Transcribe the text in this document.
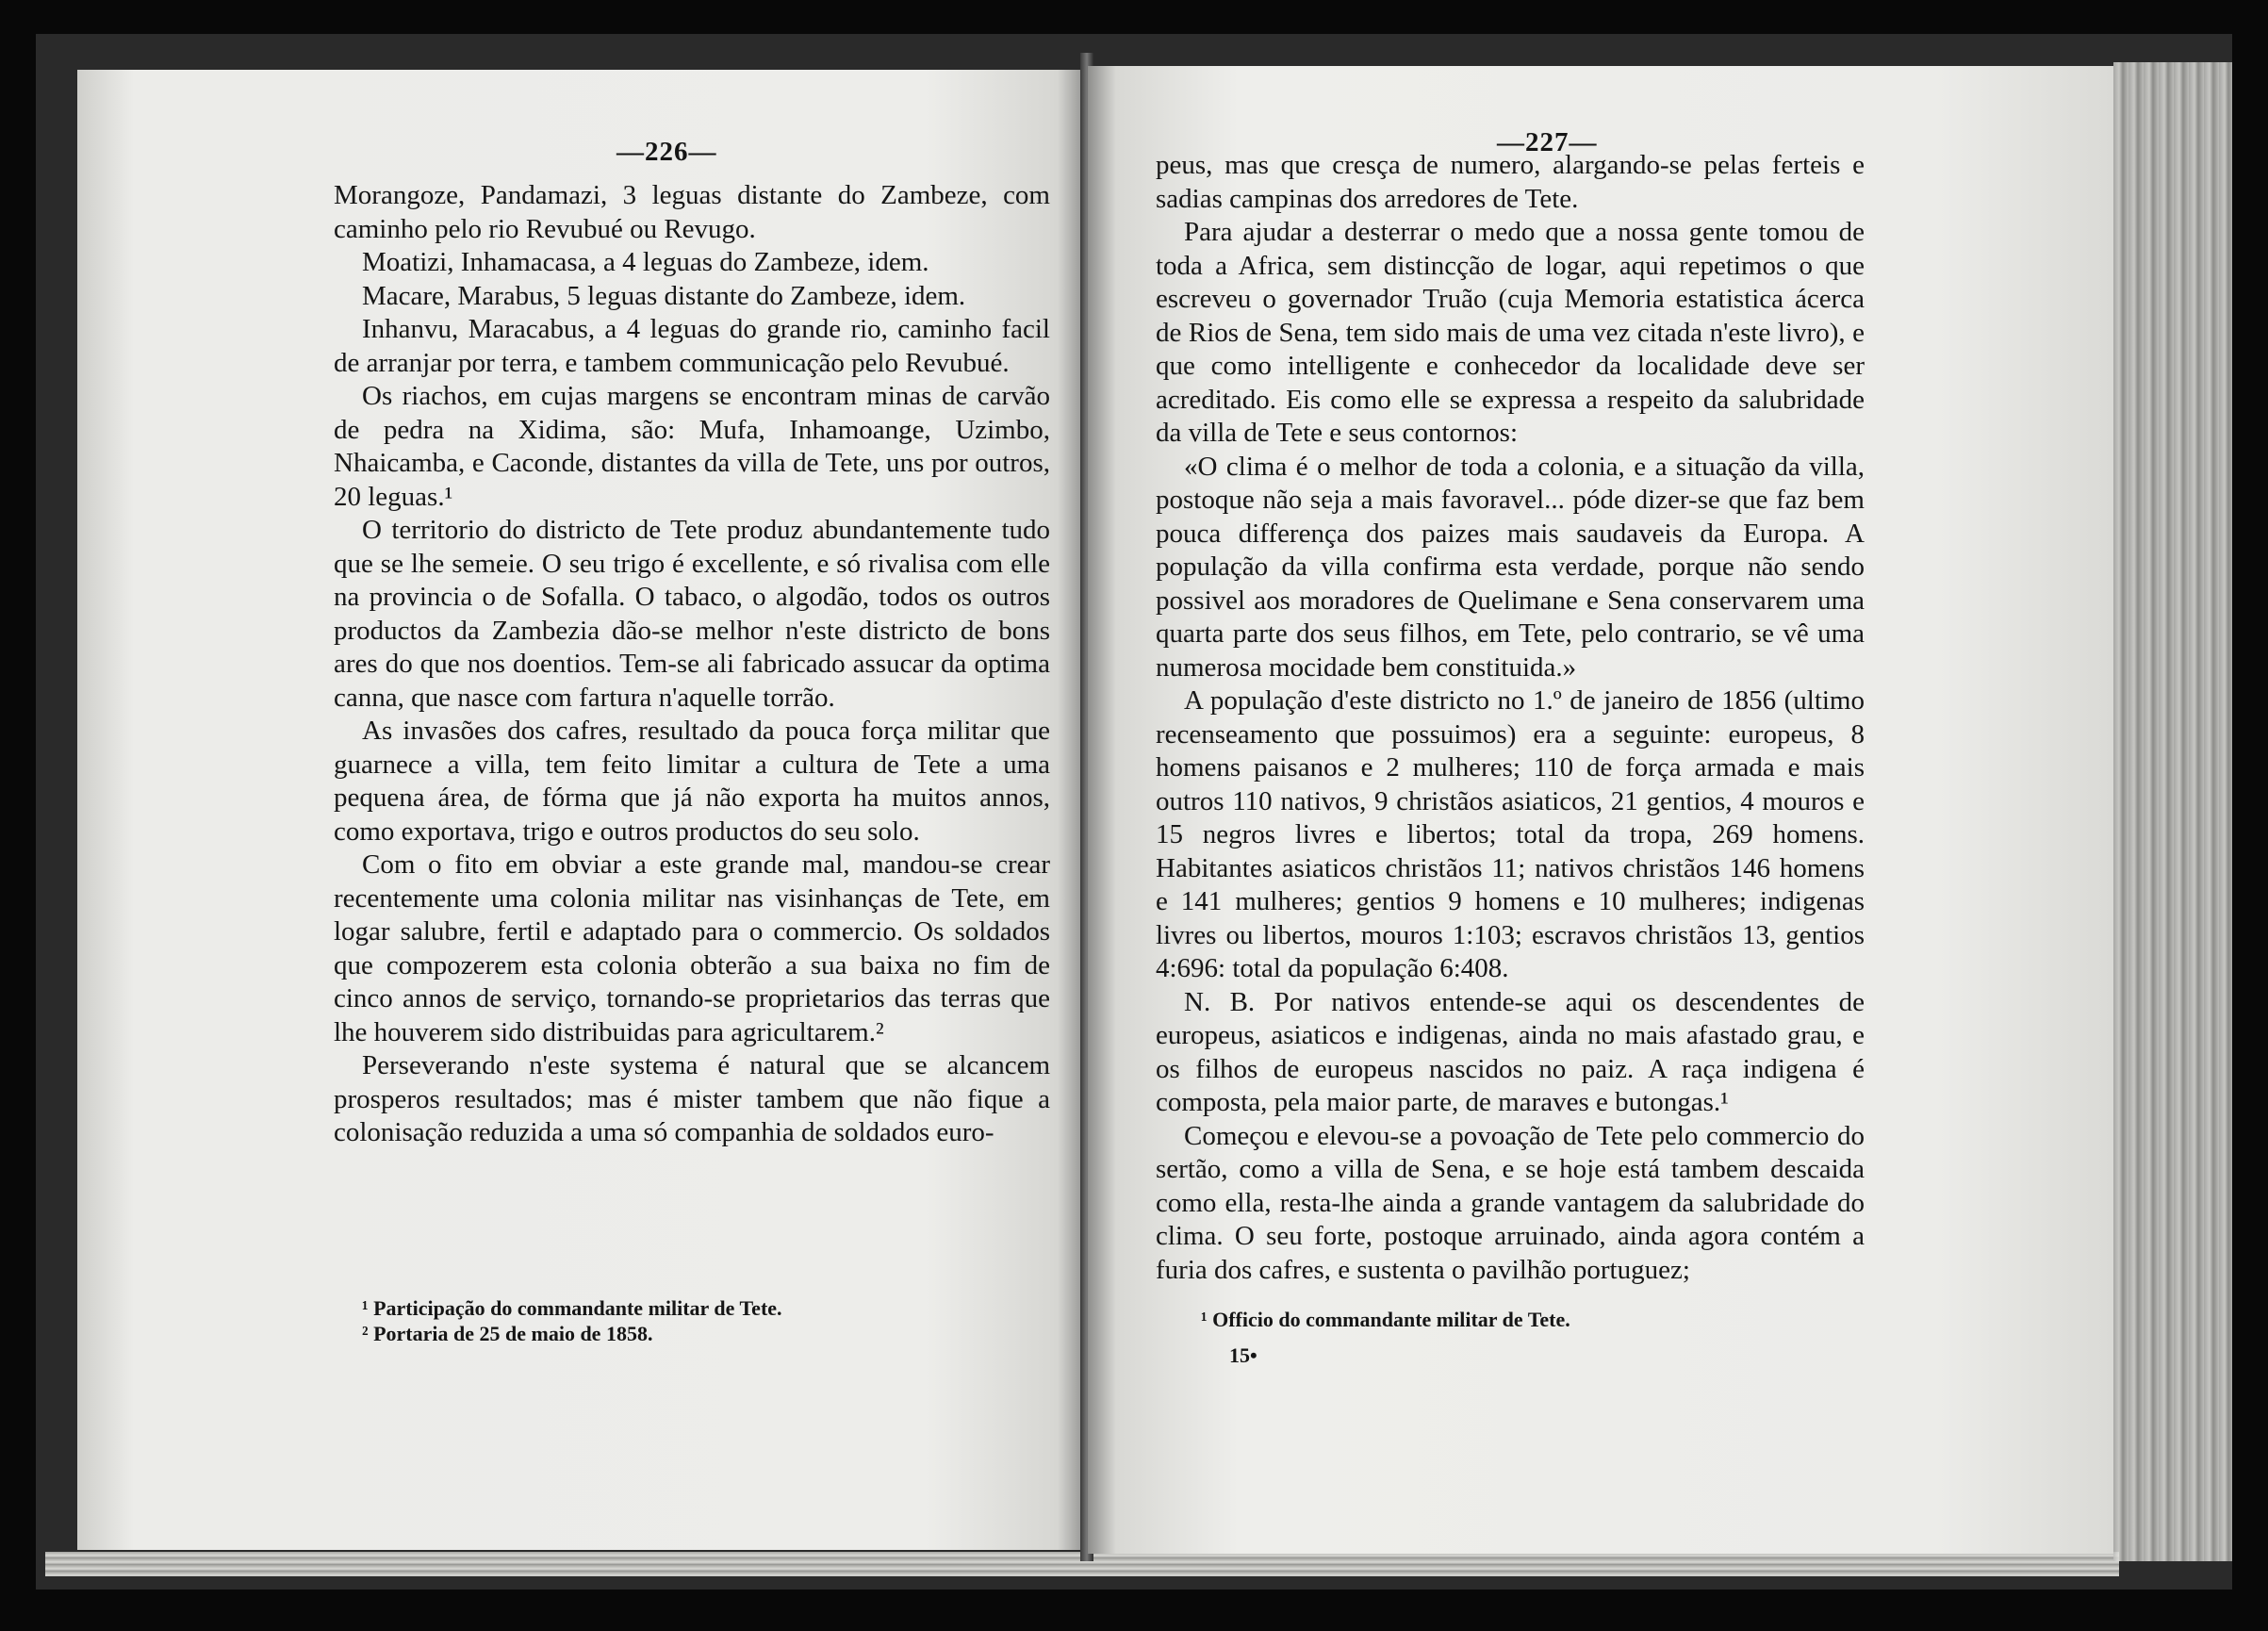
—226—

Morangoze, Pandamazi, 3 leguas distante do Zambeze, com caminho pelo rio Revubué ou Revugo.

Moatizi, Inhamacasa, a 4 leguas do Zambeze, idem.

Macare, Marabus, 5 leguas distante do Zambeze, idem.

Inhanvu, Maracabus, a 4 leguas do grande rio, caminho facil de arranjar por terra, e tambem communicação pelo Revubué.

Os riachos, em cujas margens se encontram minas de carvão de pedra na Xidima, são: Mufa, Inhamoange, Uzimbo, Nhaicamba, e Caconde, distantes da villa de Tete, uns por outros, 20 leguas.¹

O territorio do districto de Tete produz abundantemente tudo que se lhe semeie. O seu trigo é excellente, e só rivalisa com elle na provincia o de Sofalla. O tabaco, o algodão, todos os outros productos da Zambezia dão-se melhor n'este districto de bons ares do que nos doentios. Tem-se ali fabricado assucar da optima canna, que nasce com fartura n'aquelle torrão.

As invasões dos cafres, resultado da pouca força militar que guarnece a villa, tem feito limitar a cultura de Tete a uma pequena área, de fórma que já não exporta ha muitos annos, como exportava, trigo e outros productos do seu solo.

Com o fito em obviar a este grande mal, mandou-se crear recentemente uma colonia militar nas visinhanças de Tete, em logar salubre, fertil e adaptado para o commercio. Os soldados que compozerem esta colonia obterão a sua baixa no fim de cinco annos de serviço, tornando-se proprietarios das terras que lhe houverem sido distribuidas para agricultarem.²

Perseverando n'este systema é natural que se alcancem prosperos resultados; mas é mister tambem que não fique a colonisação reduzida a uma só companhia de soldados euro-

¹ Participação do commandante militar de Tete.
² Portaria de 25 de maio de 1858.
—227—

peus, mas que cresça de numero, alargando-se pelas ferteis e sadias campinas dos arredores de Tete.

Para ajudar a desterrar o medo que a nossa gente tomou de toda a Africa, sem distincção de logar, aqui repetimos o que escreveu o governador Truão (cuja Memoria estatistica ácerca de Rios de Sena, tem sido mais de uma vez citada n'este livro), e que como intelligente e conhecedor da localidade deve ser acreditado. Eis como elle se expressa a respeito da salubridade da villa de Tete e seus contornos:

«O clima é o melhor de toda a colonia, e a situação da villa, postoque não seja a mais favoravel... póde dizer-se que faz bem pouca differença dos paizes mais saudaveis da Europa. A população da villa confirma esta verdade, porque não sendo possivel aos moradores de Quelimane e Sena conservarem uma quarta parte dos seus filhos, em Tete, pelo contrario, se vê uma numerosa mocidade bem constituida.»

A população d'este districto no 1.º de janeiro de 1856 (ultimo recenseamento que possuimos) era a seguinte: europeus, 8 homens paisanos e 2 mulheres; 110 de força armada e mais outros 110 nativos, 9 christãos asiaticos, 21 gentios, 4 mouros e 15 negros livres e libertos; total da tropa, 269 homens. Habitantes asiaticos christãos 11; nativos christãos 146 homens e 141 mulheres; gentios 9 homens e 10 mulheres; indigenas livres ou libertos, mouros 1:103; escravos christãos 13, gentios 4:696: total da população 6:408.

N. B. Por nativos entende-se aqui os descendentes de europeus, asiaticos e indigenas, ainda no mais afastado grau, e os filhos de europeus nascidos no paiz. A raça indigena é composta, pela maior parte, de maraves e butongas.¹

Começou e elevou-se a povoação de Tete pelo commercio do sertão, como a villa de Sena, e se hoje está tambem descaida como ella, resta-lhe ainda a grande vantagem da salubridade do clima. O seu forte, postoque arruinado, ainda agora contém a furia dos cafres, e sustenta o pavilhão portuguez;

¹ Officio do commandante militar de Tete.
15•
